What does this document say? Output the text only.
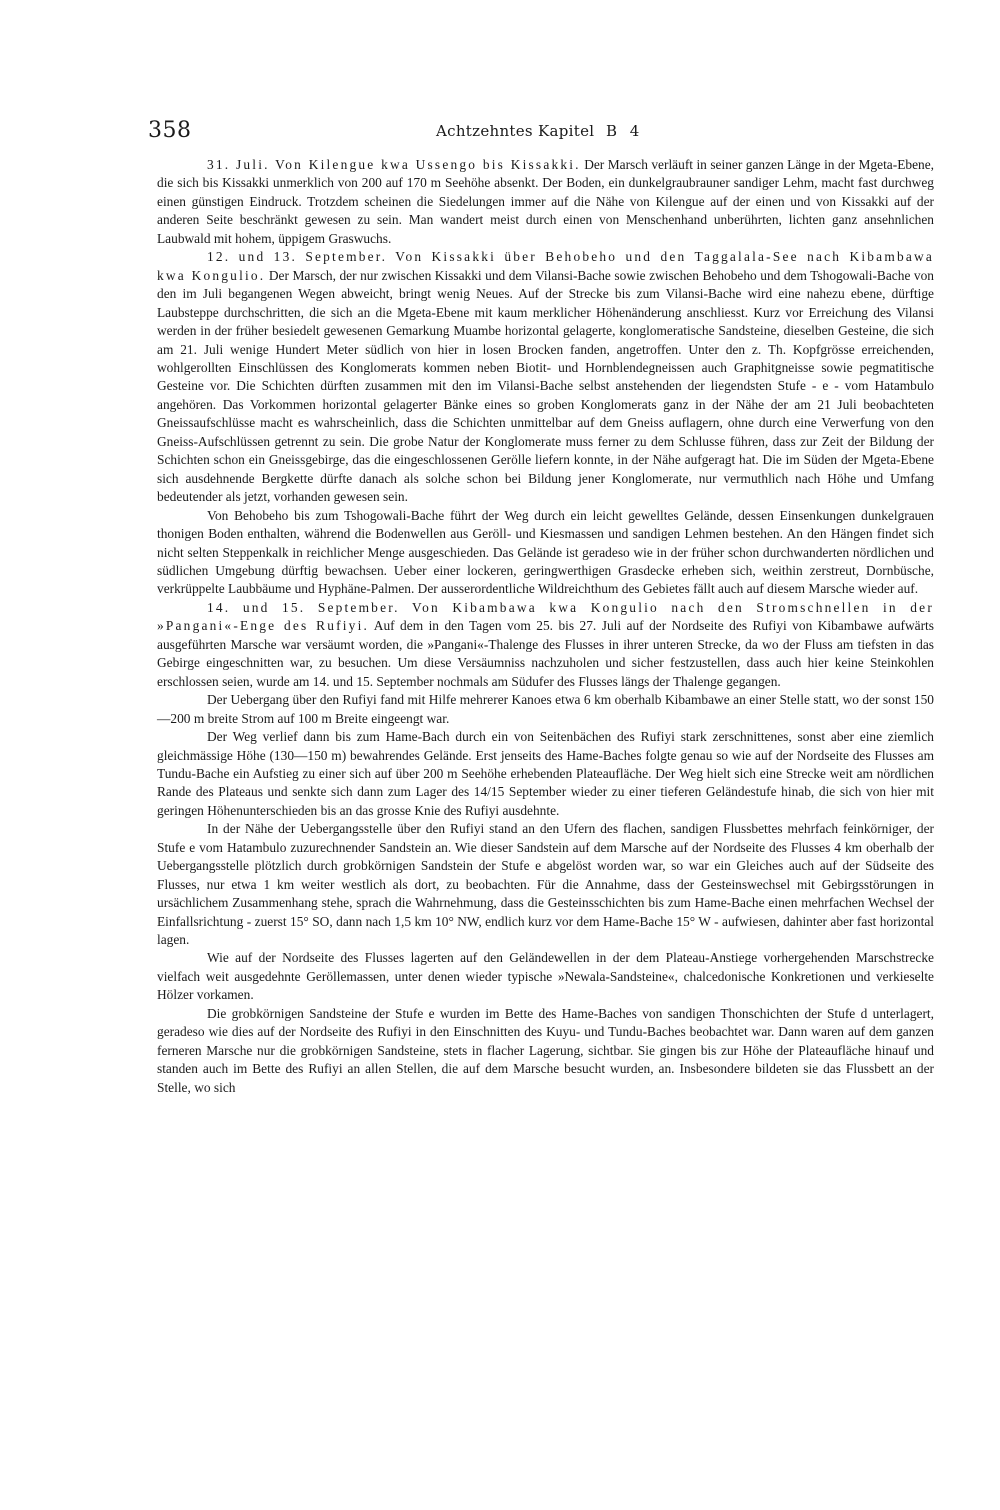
358	Achtzehntes Kapitel B 4

31. Juli. Von Kilengue kwa Ussengo bis Kissakki. Der Marsch verläuft in seiner ganzen Länge in der Mgeta-Ebene, die sich bis Kissakki unmerklich von 200 auf 170 m Seehöhe absenkt. Der Boden, ein dunkelgraubrauner sandiger Lehm, macht fast durchweg einen günstigen Eindruck. Trotzdem scheinen die Siedelungen immer auf die Nähe von Kilengue auf der einen und von Kissakki auf der anderen Seite beschränkt gewesen zu sein. Man wandert meist durch einen von Menschenhand unberührten, lichten ganz ansehnlichen Laubwald mit hohem, üppigem Graswuchs.

12. und 13. September. Von Kissakki über Behobeho und den Taggalala-See nach Kibambawa kwa Kongulio. Der Marsch, der nur zwischen Kissakki und dem Vilansi-Bache sowie zwischen Behobeho und dem Tshogowali-Bache von den im Juli begangenen Wegen abweicht, bringt wenig Neues. Auf der Strecke bis zum Vilansi-Bache wird eine nahezu ebene, dürftige Laubsteppe durchschritten, die sich an die Mgeta-Ebene mit kaum merklicher Höhenänderung anschliesst. Kurz vor Erreichung des Vilansi werden in der früher besiedelt gewesenen Gemarkung Muambe horizontal gelagerte, konglomeratische Sandsteine, dieselben Gesteine, die sich am 21. Juli wenige Hundert Meter südlich von hier in losen Brocken fanden, angetroffen. Unter den z. Th. Kopfgrösse erreichenden, wohlgerollten Einschlüssen des Konglomerats kommen neben Biotit- und Hornblendegneissen auch Graphitgneisse sowie pegmatitische Gesteine vor. Die Schichten dürften zusammen mit den im Vilansi-Bache selbst anstehenden der liegendsten Stufe - e - vom Hatambulo angehören. Das Vorkommen horizontal gelagerter Bänke eines so groben Konglomerats ganz in der Nähe der am 21 Juli beobachteten Gneissaufschlüsse macht es wahrscheinlich, dass die Schichten unmittelbar auf dem Gneiss auflagern, ohne durch eine Verwerfung von den Gneiss-Aufschlüssen getrennt zu sein. Die grobe Natur der Konglomerate muss ferner zu dem Schlusse führen, dass zur Zeit der Bildung der Schichten schon ein Gneissgebirge, das die eingeschlossenen Gerölle liefern konnte, in der Nähe aufgeragt hat. Die im Süden der Mgeta-Ebene sich ausdehnende Bergkette dürfte danach als solche schon bei Bildung jener Konglomerate, nur vermuthlich nach Höhe und Umfang bedeutender als jetzt, vorhanden gewesen sein.

Von Behobeho bis zum Tshogowali-Bache führt der Weg durch ein leicht gewelltes Gelände, dessen Einsenkungen dunkelgrauen thonigen Boden enthalten, während die Bodenwellen aus Geröll- und Kiesmassen und sandigen Lehmen bestehen. An den Hängen findet sich nicht selten Steppenkalk in reichlicher Menge ausgeschieden. Das Gelände ist geradeso wie in der früher schon durchwanderten nördlichen und südlichen Umgebung dürftig bewachsen. Ueber einer lockeren, geringwerthigen Grasdecke erheben sich, weithin zerstreut, Dornbüsche, verkrüppelte Laubbäume und Hyphäne-Palmen. Der ausserordentliche Wildreichthum des Gebietes fällt auch auf diesem Marsche wieder auf.

14. und 15. September. Von Kibambawa kwa Kongulio nach den Stromschnellen in der »Pangani«-Enge des Rufiyi. Auf dem in den Tagen vom 25. bis 27. Juli auf der Nordseite des Rufiyi von Kibambawe aufwärts ausgeführten Marsche war versäumt worden, die »Pangani«-Thalenge des Flusses in ihrer unteren Strecke, da wo der Fluss am tiefsten in das Gebirge eingeschnitten war, zu besuchen. Um diese Versäumniss nachzuholen und sicher festzustellen, dass auch hier keine Steinkohlen erschlossen seien, wurde am 14. und 15. September nochmals am Südufer des Flusses längs der Thalenge gegangen.

Der Uebergang über den Rufiyi fand mit Hilfe mehrerer Kanoes etwa 6 km oberhalb Kibambawe an einer Stelle statt, wo der sonst 150—200 m breite Strom auf 100 m Breite eingeengt war.

Der Weg verlief dann bis zum Hame-Bach durch ein von Seitenbächen des Rufiyi stark zerschnittenes, sonst aber eine ziemlich gleichmässige Höhe (130—150 m) bewahrendes Gelände. Erst jenseits des Hame-Baches folgte genau so wie auf der Nordseite des Flusses am Tundu-Bache ein Aufstieg zu einer sich auf über 200 m Seehöhe erhebenden Plateaufläche. Der Weg hielt sich eine Strecke weit am nördlichen Rande des Plateaus und senkte sich dann zum Lager des 14/15 September wieder zu einer tieferen Geländestufe hinab, die sich von hier mit geringen Höhenunterschieden bis an das grosse Knie des Rufiyi ausdehnte.

In der Nähe der Uebergangsstelle über den Rufiyi stand an den Ufern des flachen, sandigen Flussbettes mehrfach feinkörniger, der Stufe e vom Hatambulo zuzurechnender Sandstein an. Wie dieser Sandstein auf dem Marsche auf der Nordseite des Flusses 4 km oberhalb der Uebergangsstelle plötzlich durch grobkörnigen Sandstein der Stufe e abgelöst worden war, so war ein Gleiches auch auf der Südseite des Flusses, nur etwa 1 km weiter westlich als dort, zu beobachten. Für die Annahme, dass der Gesteinswechsel mit Gebirgsstörungen in ursächlichem Zusammenhang stehe, sprach die Wahrnehmung, dass die Gesteinsschichten bis zum Hame-Bache einen mehrfachen Wechsel der Einfallsrichtung - zuerst 15° SO, dann nach 1,5 km 10° NW, endlich kurz vor dem Hame-Bache 15° W - aufwiesen, dahinter aber fast horizontal lagen.

Wie auf der Nordseite des Flusses lagerten auf den Geländewellen in der dem Plateau-Anstiege vorhergehenden Marschstrecke vielfach weit ausgedehnte Geröllemassen, unter denen wieder typische »Newala-Sandsteine«, chalcedonische Konkretionen und verkieselte Hölzer vorkamen.

Die grobkörnigen Sandsteine der Stufe e wurden im Bette des Hame-Baches von sandigen Thonschichten der Stufe d unterlagert, geradeso wie dies auf der Nordseite des Rufiyi in den Einschnitten des Kuyu- und Tundu-Baches beobachtet war. Dann waren auf dem ganzen ferneren Marsche nur die grobkörnigen Sandsteine, stets in flacher Lagerung, sichtbar. Sie gingen bis zur Höhe der Plateaufläche hinauf und standen auch im Bette des Rufiyi an allen Stellen, die auf dem Marsche besucht wurden, an. Insbesondere bildeten sie das Flussbett an der Stelle, wo sich
